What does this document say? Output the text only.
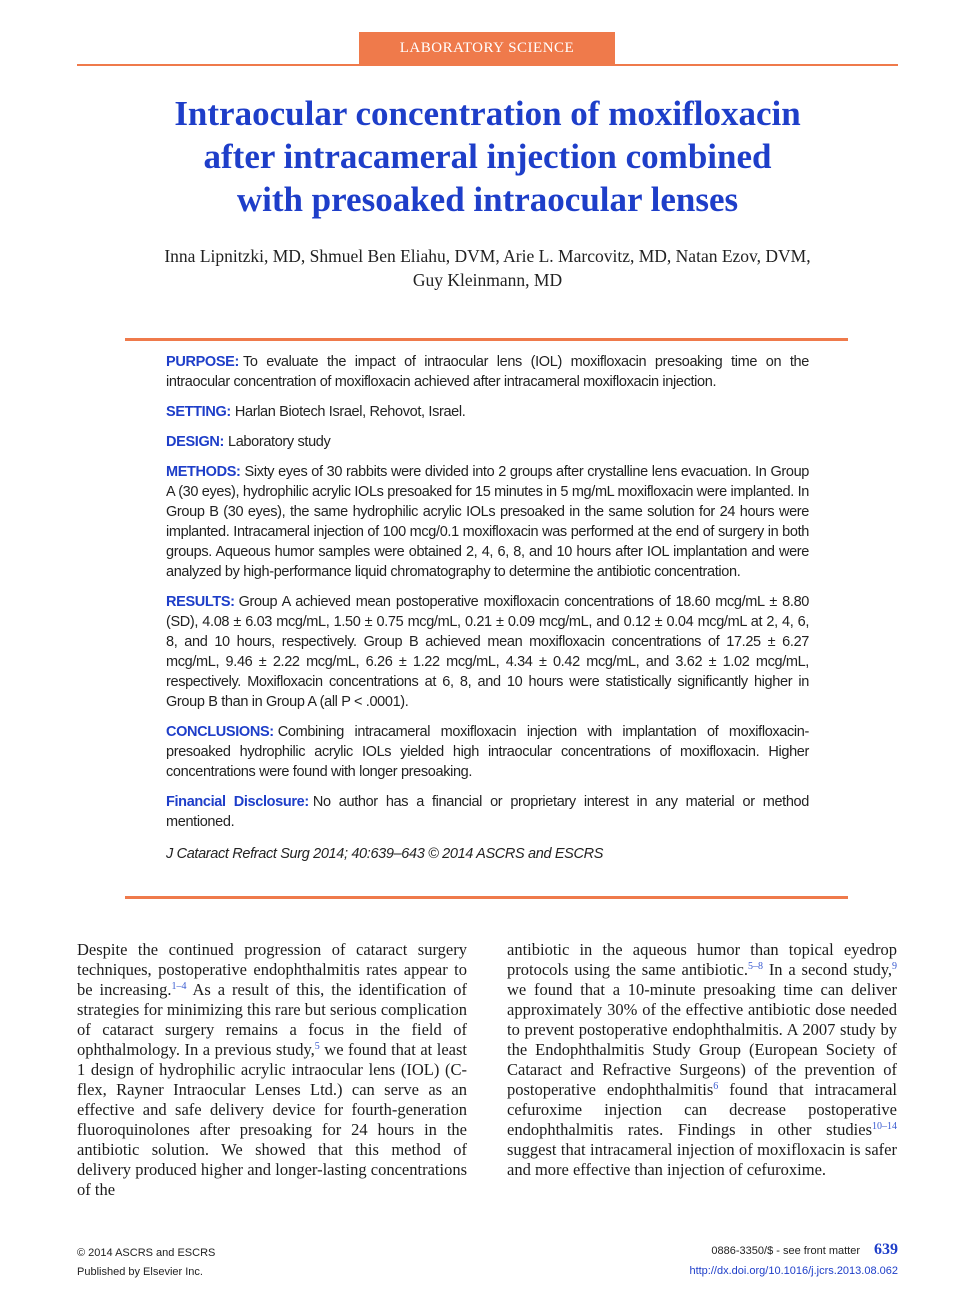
LABORATORY SCIENCE
Intraocular concentration of moxifloxacin
after intracameral injection combined
with presoaked intraocular lenses
Inna Lipnitzki, MD, Shmuel Ben Eliahu, DVM, Arie L. Marcovitz, MD, Natan Ezov, DVM,
Guy Kleinmann, MD

PURPOSE: To evaluate the impact of intraocular lens (IOL) moxifloxacin presoaking time on the intraocular concentration of moxifloxacin achieved after intracameral moxifloxacin injection.

SETTING: Harlan Biotech Israel, Rehovot, Israel.

DESIGN: Laboratory study

METHODS: Sixty eyes of 30 rabbits were divided into 2 groups after crystalline lens evacuation. In Group A (30 eyes), hydrophilic acrylic IOLs presoaked for 15 minutes in 5 mg/mL moxifloxacin were implanted. In Group B (30 eyes), the same hydrophilic acrylic IOLs presoaked in the same solution for 24 hours were implanted. Intracameral injection of 100 mcg/0.1 moxifloxacin was performed at the end of surgery in both groups. Aqueous humor samples were obtained 2, 4, 6, 8, and 10 hours after IOL implantation and were analyzed by high-performance liquid chromatography to determine the antibiotic concentration.

RESULTS: Group A achieved mean postoperative moxifloxacin concentrations of 18.60 mcg/mL ± 8.80 (SD), 4.08 ± 6.03 mcg/mL, 1.50 ± 0.75 mcg/mL, 0.21 ± 0.09 mcg/mL, and 0.12 ± 0.04 mcg/mL at 2, 4, 6, 8, and 10 hours, respectively. Group B achieved mean moxifloxacin concentrations of 17.25 ± 6.27 mcg/mL, 9.46 ± 2.22 mcg/mL, 6.26 ± 1.22 mcg/mL, 4.34 ± 0.42 mcg/mL, and 3.62 ± 1.02 mcg/mL, respectively. Moxifloxacin concentrations at 6, 8, and 10 hours were statistically significantly higher in Group B than in Group A (all P < .0001).

CONCLUSIONS: Combining intracameral moxifloxacin injection with implantation of moxifloxacin-presoaked hydrophilic acrylic IOLs yielded high intraocular concentrations of moxifloxacin. Higher concentrations were found with longer presoaking.

Financial Disclosure: No author has a financial or proprietary interest in any material or method mentioned.

J Cataract Refract Surg 2014; 40:639–643 © 2014 ASCRS and ESCRS

Despite the continued progression of cataract surgery techniques, postoperative endophthalmitis rates appear to be increasing.$^{1-4}$ As a result of this, the identification of strategies for minimizing this rare but serious complication of cataract surgery remains a focus in the field of ophthalmology. In a previous study,$^5$ we found that at least 1 design of hydrophilic acrylic intraocular lens (IOL) (C-flex, Rayner Intraocular Lenses Ltd.) can serve as an effective and safe delivery device for fourth-generation fluoroquinolones after presoaking for 24 hours in the antibiotic solution. We showed that this method of delivery produced higher and longer-lasting concentrations of the

antibiotic in the aqueous humor than topical eyedrop protocols using the same antibiotic.$^{5-8}$ In a second study,$^9$ we found that a 10-minute presoaking time can deliver approximately 30% of the effective antibiotic dose needed to prevent postoperative endophthalmitis. A 2007 study by the Endophthalmitis Study Group (European Society of Cataract and Refractive Surgeons) of the prevention of postoperative endophthalmitis$^6$ found that intracameral cefuroxime injection can decrease postoperative endophthalmitis rates. Findings in other studies$^{10-14}$ suggest that intracameral injection of moxifloxacin is safer and more effective than injection of cefuroxime.

© 2014 ASCRS and ESCRS
Published by Elsevier Inc.
0886-3350/$ - see front matter 639
http://dx.doi.org/10.1016/j.jcrs.2013.08.062
